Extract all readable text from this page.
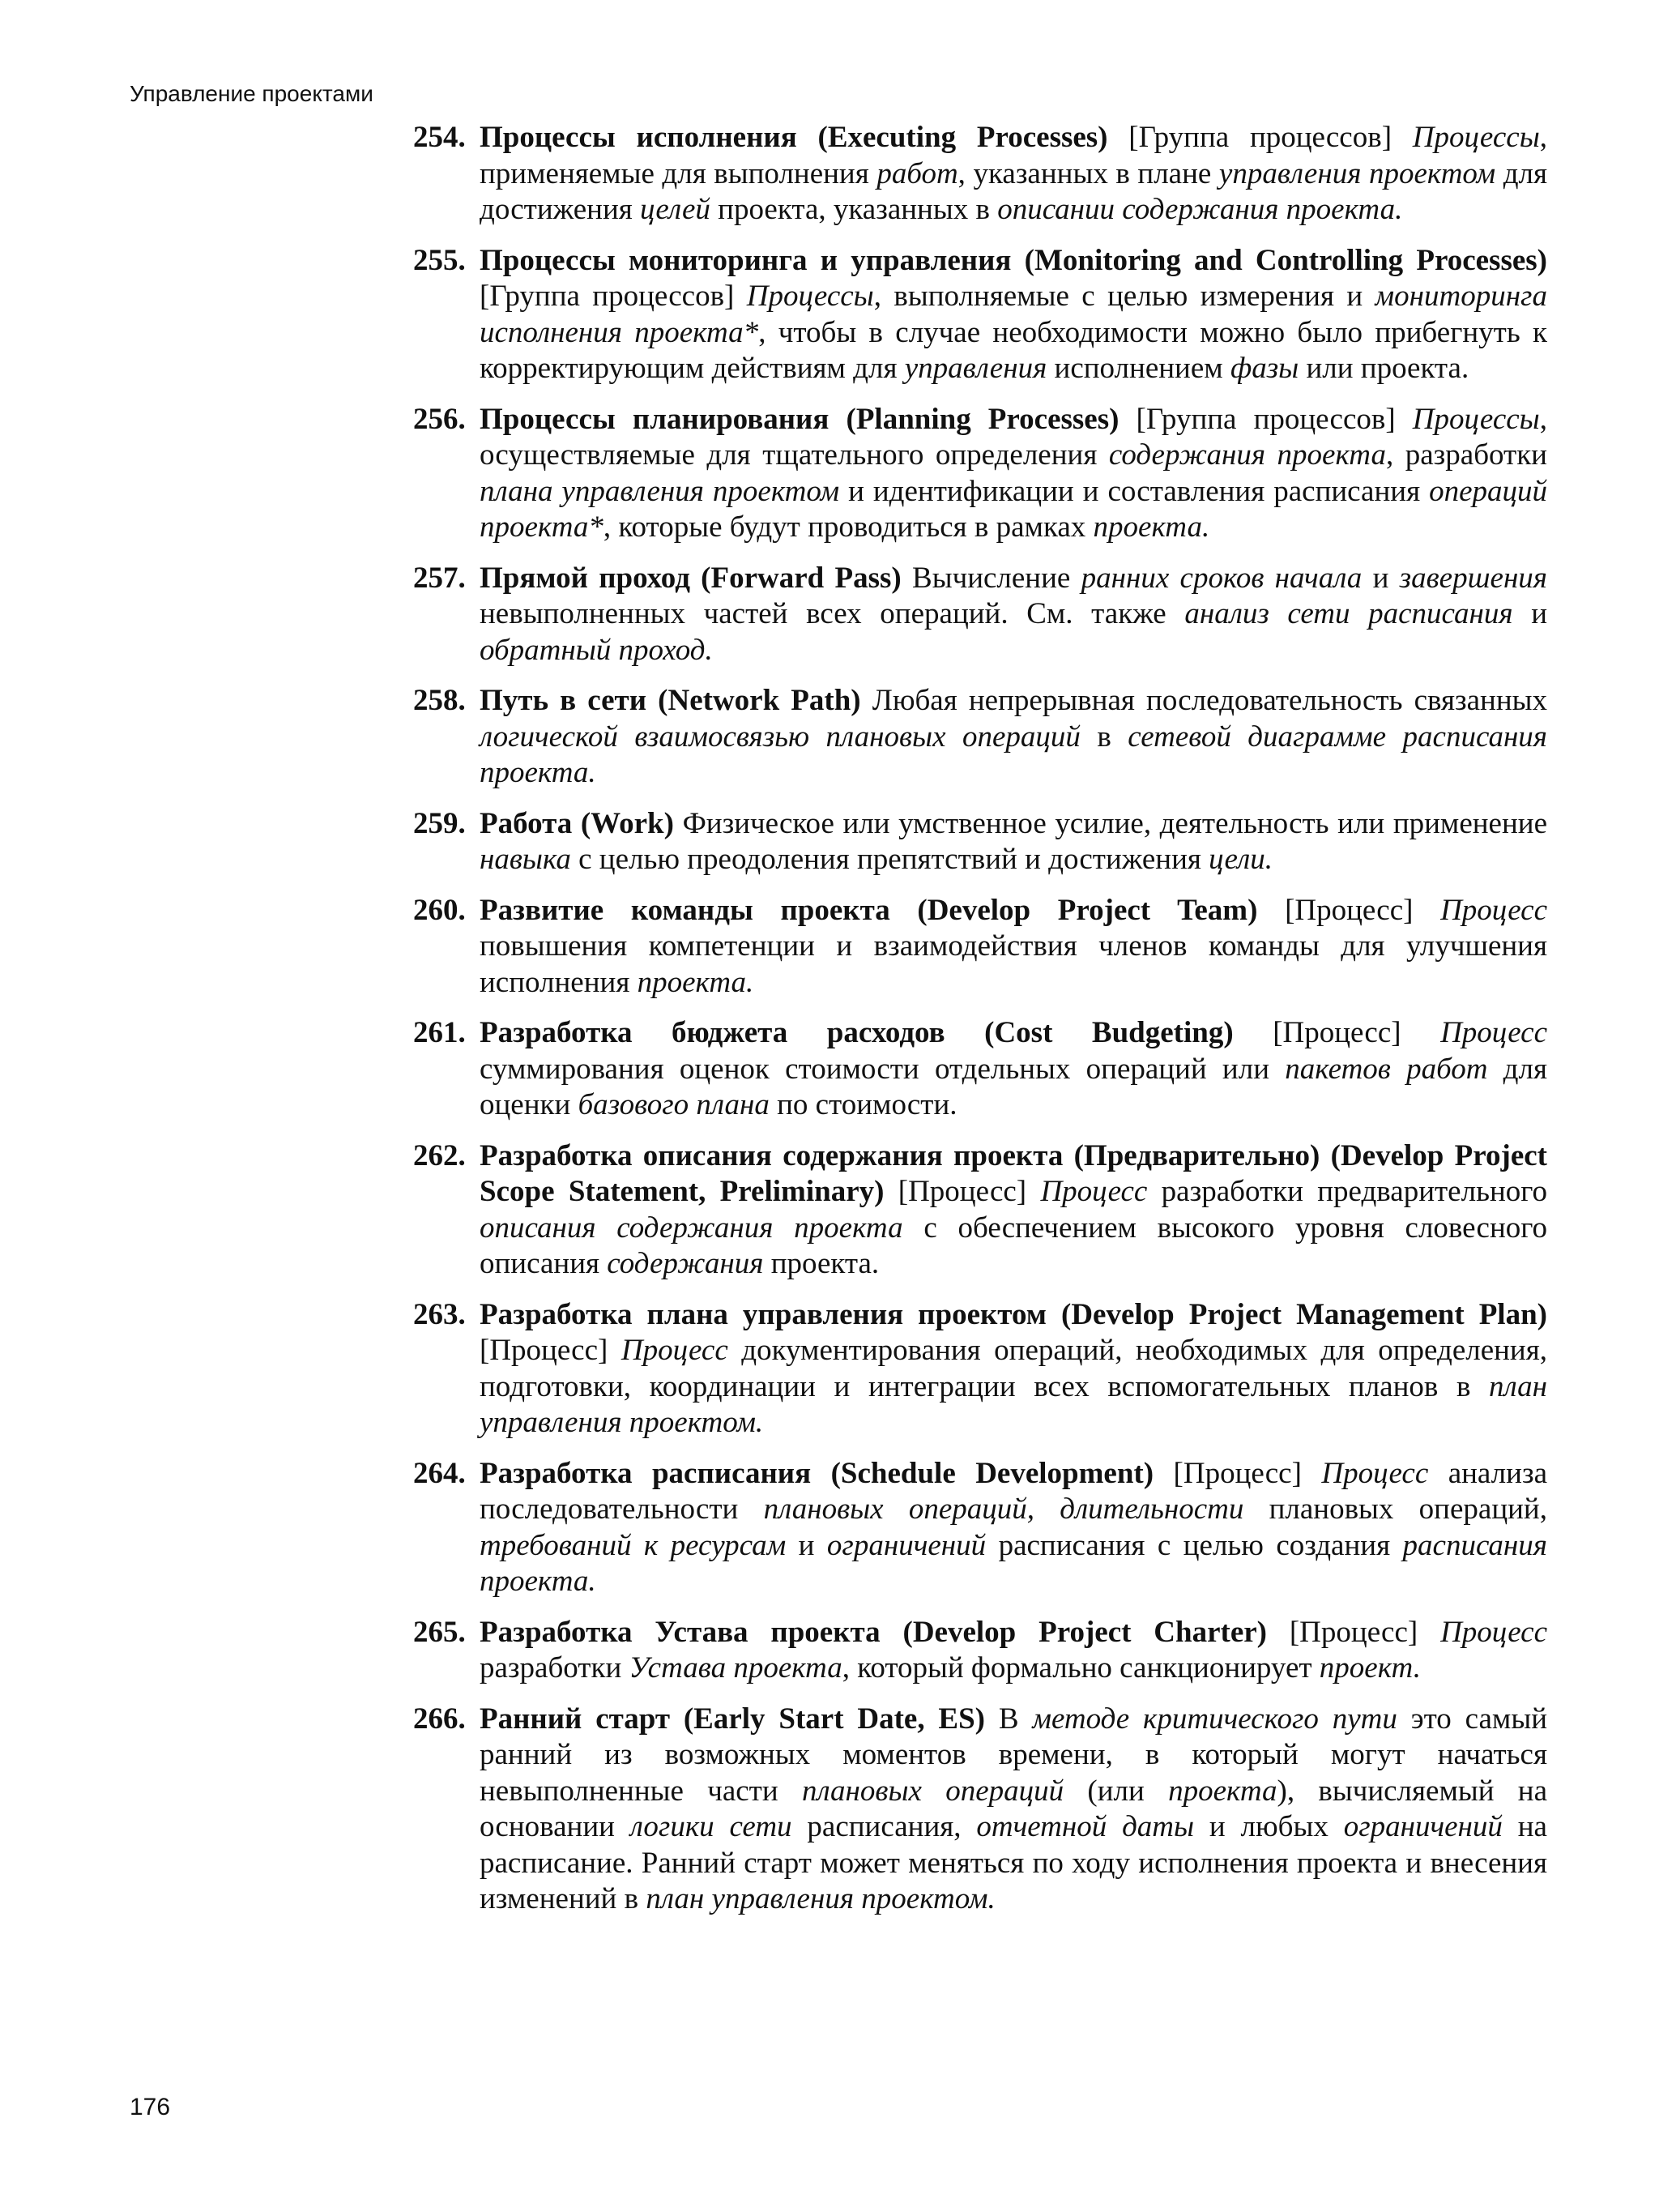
Управление проектами
254. Процессы исполнения (Executing Processes) [Группа процессов] Процессы, применяемые для выполнения работ, указанных в плане управления проектом для достижения целей проекта, указанных в описании содержания проекта.
255. Процессы мониторинга и управления (Monitoring and Controlling Processes) [Группа процессов] Процессы, выполняемые с целью измерения и мониторинга исполнения проекта*, чтобы в случае необходимости можно было прибегнуть к корректирующим действиям для управления исполнением фазы или проекта.
256. Процессы планирования (Planning Processes) [Группа процессов] Процессы, осуществляемые для тщательного определения содержания проекта, разработки плана управления проектом и идентификации и составления расписания операций проекта*, которые будут проводиться в рамках проекта.
257. Прямой проход (Forward Pass) Вычисление ранних сроков начала и завершения невыполненных частей всех операций. См. также анализ сети расписания и обратный проход.
258. Путь в сети (Network Path) Любая непрерывная последовательность связанных логической взаимосвязью плановых операций в сетевой диаграмме расписания проекта.
259. Работа (Work) Физическое или умственное усилие, деятельность или применение навыка с целью преодоления препятствий и достижения цели.
260. Развитие команды проекта (Develop Project Team) [Процесс] Процесс повышения компетенции и взаимодействия членов команды для улучшения исполнения проекта.
261. Разработка бюджета расходов (Cost Budgeting) [Процесс] Процесс суммирования оценок стоимости отдельных операций или пакетов работ для оценки базового плана по стоимости.
262. Разработка описания содержания проекта (Предварительно) (Develop Project Scope Statement, Preliminary) [Процесс] Процесс разработки предварительного описания содержания проекта с обеспечением высокого уровня словесного описания содержания проекта.
263. Разработка плана управления проектом (Develop Project Management Plan) [Процесс] Процесс документирования операций, необходимых для определения, подготовки, координации и интеграции всех вспомогательных планов в план управления проектом.
264. Разработка расписания (Schedule Development) [Процесс] Процесс анализа последовательности плановых операций, длительности плановых операций, требований к ресурсам и ограничений расписания с целью создания расписания проекта.
265. Разработка Устава проекта (Develop Project Charter) [Процесс] Процесс разработки Устава проекта, который формально санкционирует проект.
266. Ранний старт (Early Start Date, ES) В методе критического пути это самый ранний из возможных моментов времени, в который могут начаться невыполненные части плановых операций (или проекта), вычисляемый на основании логики сети расписания, отчетной даты и любых ограничений на расписание. Ранний старт может меняться по ходу исполнения проекта и внесения изменений в план управления проектом.
176
